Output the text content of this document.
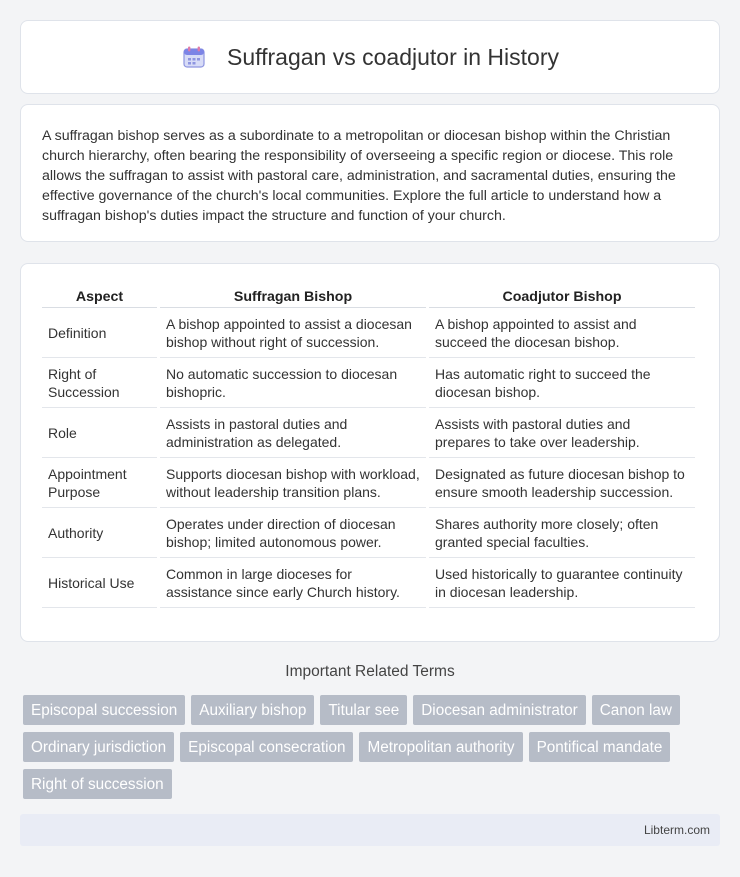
Suffragan vs coadjutor in History

A suffragan bishop serves as a subordinate to a metropolitan or diocesan bishop within the Christian church hierarchy, often bearing the responsibility of overseeing a specific region or diocese. This role allows the suffragan to assist with pastoral care, administration, and sacramental duties, ensuring the effective governance of the church's local communities. Explore the full article to understand how a suffragan bishop's duties impact the structure and function of your church.

Aspect	Suffragan Bishop	Coadjutor Bishop
Definition	A bishop appointed to assist a diocesan bishop without right of succession.	A bishop appointed to assist and succeed the diocesan bishop.
Right of Succession	No automatic succession to diocesan bishopric.	Has automatic right to succeed the diocesan bishop.
Role	Assists in pastoral duties and administration as delegated.	Assists with pastoral duties and prepares to take over leadership.
Appointment Purpose	Supports diocesan bishop with workload, without leadership transition plans.	Designated as future diocesan bishop to ensure smooth leadership succession.
Authority	Operates under direction of diocesan bishop; limited autonomous power.	Shares authority more closely; often granted special faculties.
Historical Use	Common in large dioceses for assistance since early Church history.	Used historically to guarantee continuity in diocesan leadership.
Important Related Terms
Episcopal succession	Auxiliary bishop	Titular see	Diocesan administrator	Canon law
Ordinary jurisdiction	Episcopal consecration	Metropolitan authority	Pontifical mandate
Right of succession
Libterm.com
